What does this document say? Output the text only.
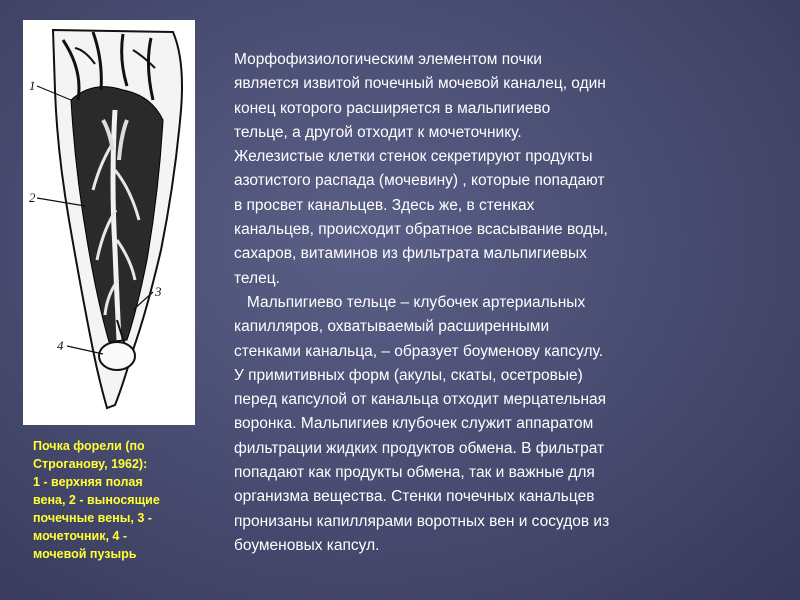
1
2
3
4
Почка форели (по
Строганову, 1962):
1 - верхняя полая
вена, 2 - выносящие
почечные вены, 3 -
мочеточник, 4 -
мочевой пузырь
Морфофизиологическим элементом почки
является извитой почечный мочевой каналец, один
конец которого расширяется в мальпигиево
тельце, а другой отходит к мочеточнику.
Железистые клетки стенок секретируют продукты
азотистого распада (мочевину) , которые попадают
в просвет канальцев. Здесь же, в стенках
канальцев, происходит обратное всасывание воды,
сахаров, витаминов из фильтрата мальпигиевых
телец.
Мальпигиево тельце – клубочек артериальных
капилляров, охватываемый расширенными
стенками канальца, – образует боуменову капсулу.
У примитивных форм (акулы, скаты, осетровые)
перед капсулой от канальца отходит мерцательная
воронка. Мальпигиев клубочек служит аппаратом
фильтрации жидких продуктов обмена. В фильтрат
попадают как продукты обмена, так и важные для
организма вещества. Стенки почечных канальцев
пронизаны капиллярами воротных вен и сосудов из
боуменовых капсул.
